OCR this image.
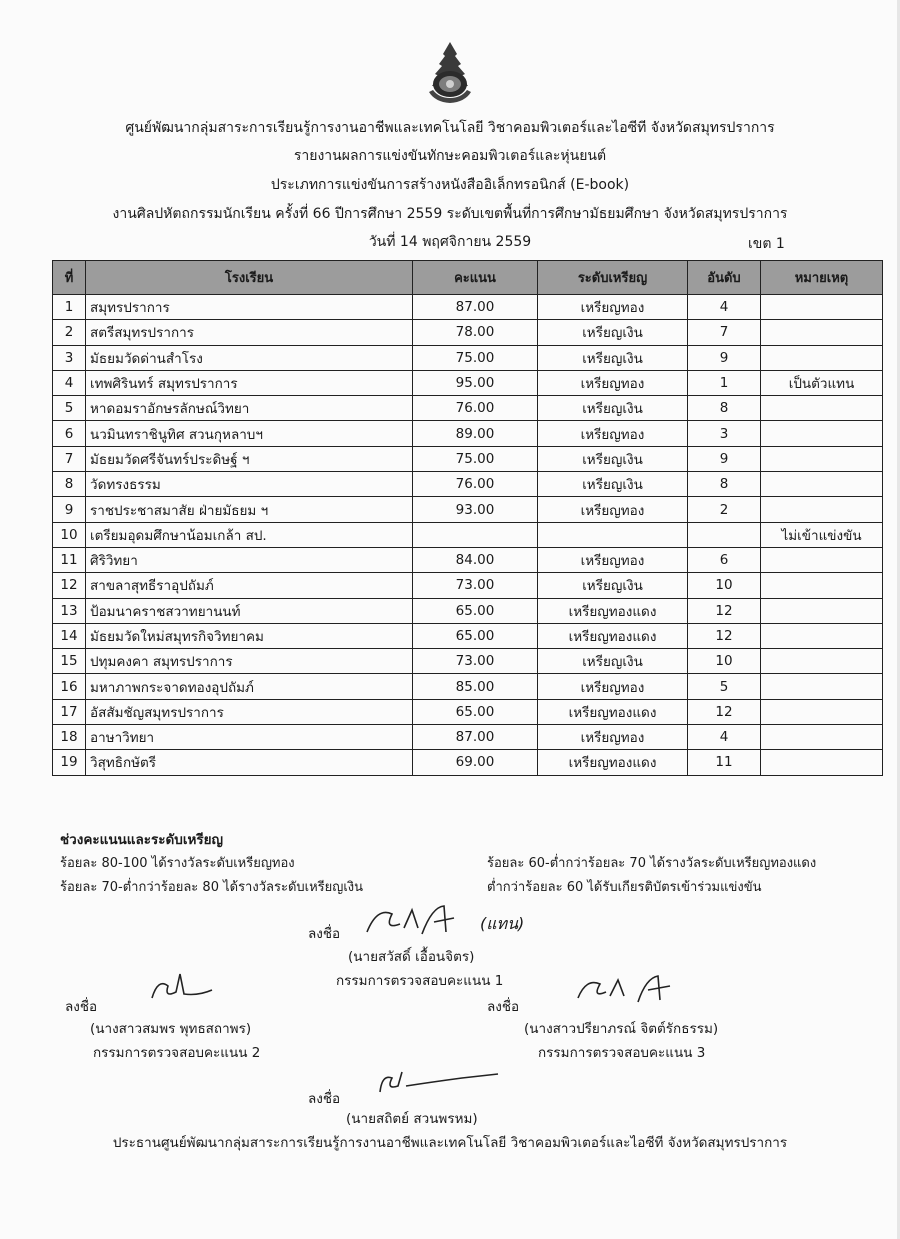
ศูนย์พัฒนากลุ่มสาระการเรียนรู้การงานอาชีพและเทคโนโลยี วิชาคอมพิวเตอร์และไอซีที จังหวัดสมุทรปราการ
รายงานผลการแข่งขันทักษะคอมพิวเตอร์และหุ่นยนต์
ประเภทการแข่งขันการสร้างหนังสืออิเล็กทรอนิกส์ (E-book)
งานศิลปหัตถกรรมนักเรียน ครั้งที่ 66 ปีการศึกษา 2559 ระดับเขตพื้นที่การศึกษามัธยมศึกษา จังหวัดสมุทรปราการ
วันที่ 14 พฤศจิกายน 2559	เขต 1
ที่	โรงเรียน	คะแนน	ระดับเหรียญ	อันดับ	หมายเหตุ
1	สมุทรปราการ	87.00	เหรียญทอง	4	
2	สตรีสมุทรปราการ	78.00	เหรียญเงิน	7	
3	มัธยมวัดด่านสำโรง	75.00	เหรียญเงิน	9	
4	เทพศิรินทร์ สมุทรปราการ	95.00	เหรียญทอง	1	เป็นตัวแทน
5	หาดอมราอักษรลักษณ์วิทยา	76.00	เหรียญเงิน	8	
6	นวมินทราชินูทิศ สวนกุหลาบฯ	89.00	เหรียญทอง	3	
7	มัธยมวัดศรีจันทร์ประดิษฐ์ ฯ	75.00	เหรียญเงิน	9	
8	วัดทรงธรรม	76.00	เหรียญเงิน	8	
9	ราชประชาสมาสัย ฝ่ายมัธยม ฯ	93.00	เหรียญทอง	2	
10	เตรียมอุดมศึกษาน้อมเกล้า สป.				ไม่เข้าแข่งขัน
11	ศิริวิทยา	84.00	เหรียญทอง	6	
12	สาขลาสุทธีราอุปถัมภ์	73.00	เหรียญเงิน	10	
13	ป้อมนาคราชสวาทยานนท์	65.00	เหรียญทองแดง	12	
14	มัธยมวัดใหม่สมุทรกิจวิทยาคม	65.00	เหรียญทองแดง	12	
15	ปทุมคงคา สมุทรปราการ	73.00	เหรียญเงิน	10	
16	มหาภาพกระจาดทองอุปถัมภ์	85.00	เหรียญทอง	5	
17	อัสสัมชัญสมุทรปราการ	65.00	เหรียญทองแดง	12	
18	อาษาวิทยา	87.00	เหรียญทอง	4	
19	วิสุทธิกษัตรี	69.00	เหรียญทองแดง	11	
ช่วงคะแนนและระดับเหรียญ
ร้อยละ 80-100 ได้รางวัลระดับเหรียญทอง
ร้อยละ 70-ต่ำกว่าร้อยละ 80 ได้รางวัลระดับเหรียญเงิน
ร้อยละ 60-ต่ำกว่าร้อยละ 70 ได้รางวัลระดับเหรียญทองแดง
ต่ำกว่าร้อยละ 60 ได้รับเกียรติบัตรเข้าร่วมแข่งขัน
ลงชื่อ
(แทน)
(นายสวัสดิ์ เอื้อนจิตร)
กรรมการตรวจสอบคะแนน 1
ลงชื่อ
(นางสาวสมพร พุทธสถาพร)
กรรมการตรวจสอบคะแนน 2
ลงชื่อ
(นางสาวปรียาภรณ์ จิตต์รักธรรม)
กรรมการตรวจสอบคะแนน 3
ลงชื่อ
(นายสถิตย์ สวนพรหม)
ประธานศูนย์พัฒนากลุ่มสาระการเรียนรู้การงานอาชีพและเทคโนโลยี วิชาคอมพิวเตอร์และไอซีที จังหวัดสมุทรปราการ
